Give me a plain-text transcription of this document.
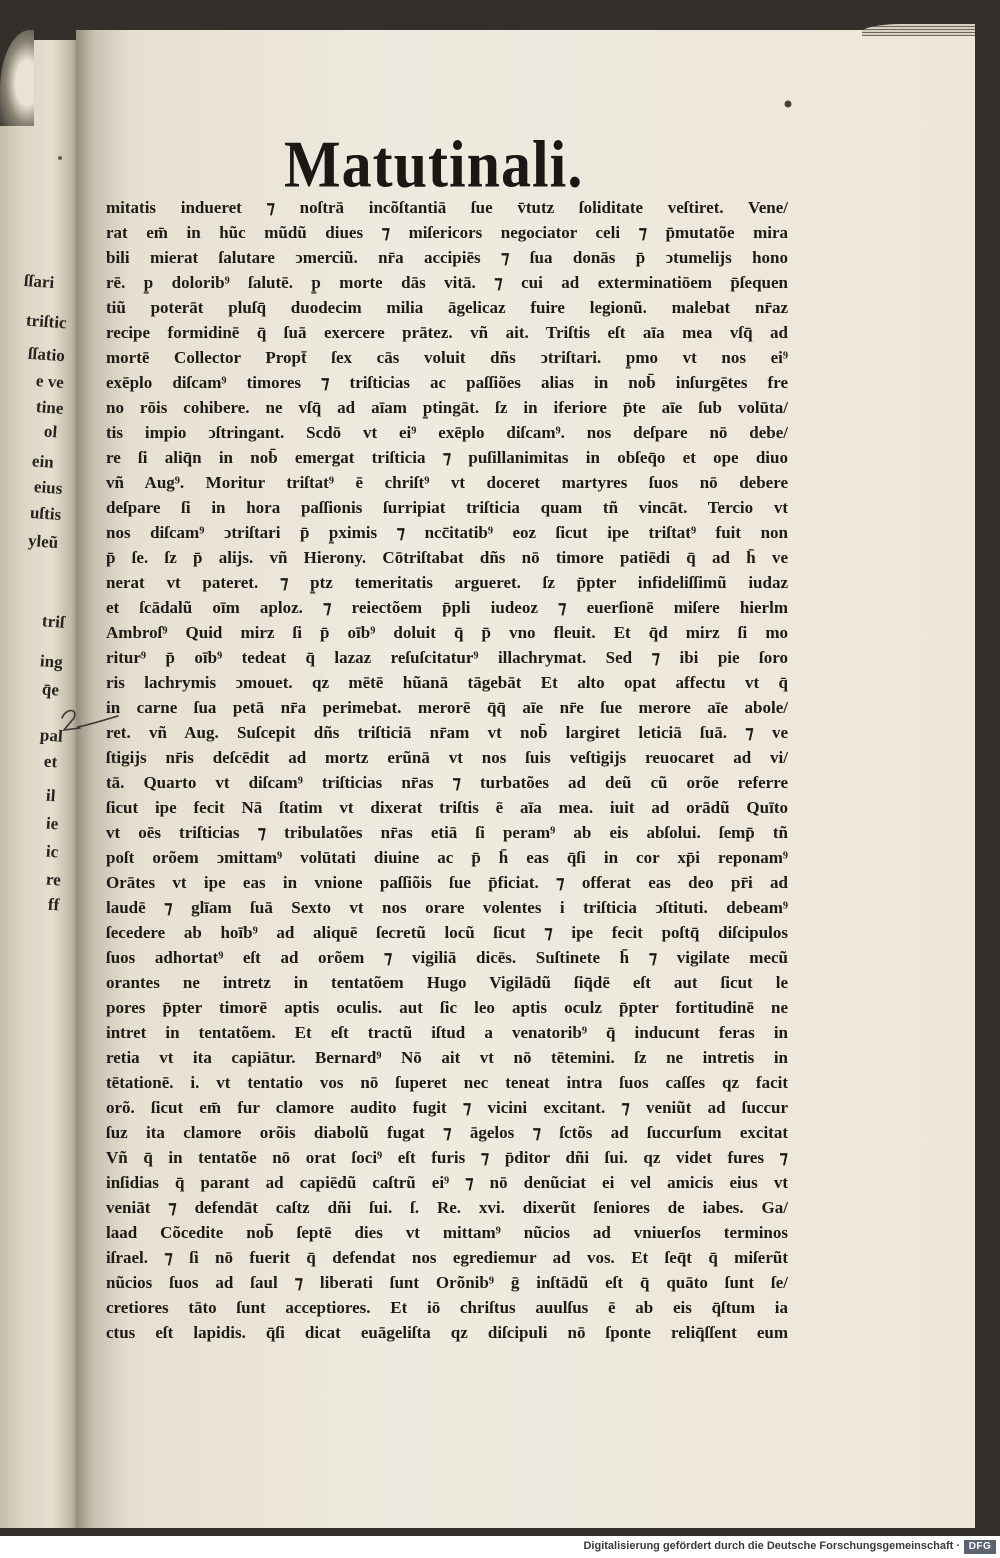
ſſari
triſtic
ſſatio
e ve
tine
ol
ein
eius
uſtis
yleũ
triſ
ing
q̄e
pal
et
il
ie
ic
re
ff
Matutinali.
mitatis indueret ⁊ noſtrā incõſtantiā ſue v̄tutz ſoliditate veſtiret. Vene/
rat em̄ in hũc mũdũ diues ⁊ miſericors negociator celi ⁊ p̄mutatõe mira
bili mierat ſalutare ↄmerciũ. nr̄a accipiēs ⁊ ſua donās p̄ ↄtumelijs hono
rē. p̱ dolorib⁹ ſalutē. p̱ morte dās vitā. ⁊ cui ad exterminatiōem p̄ſequen
tiũ poterāt pluſq̄ duodecim milia āgelicaz fuire legionũ. malebat nr̄az
recipe formidinē q̄ ſuā exercere prātez. vñ ait. Triſtis eſt aīa mea vſq̄ ad
mortē Collector Propt̄ ſex cās voluit dñs ↄtriſtari. p̱mo vt nos ei⁹
exēplo diſcam⁹ timores ⁊ triſticias ac paſſiões alias in nob̄ inſurgētes fre
no rōis cohibere. ne vſq̄ ad aīam p̱tingāt. ſz in iferiore p̄te aīe ſub volūta/
tis impio ↄſtringant. Scdō vt ei⁹ exēplo diſcam⁹. nos deſpare nō debe/
re ſi aliq̄n in nob̄ emergat triſticia ⁊ puſillanimitas in obſeq̄o et ope diuo
vñ Aug⁹. Moritur triſtat⁹ ē chriſt⁹ vt doceret martyres ſuos nō debere
deſpare ſi in hora paſſionis ſurripiat triſticia quam tñ vincāt. Tercio vt
nos diſcam⁹ ↄtriſtari p̄ p̱ximis ⁊ ncc̄itatib⁹ eoz ſicut ipe triſtat⁹ fuit non
p̄ ſe. ſz p̄ alijs. vñ Hierony. Cōtriſtabat dñs nō timore patiēdi q̄ ad h̄ ve
nerat vt pateret. ⁊ p̱tz temeritatis argueret. ſz p̄pter infideliſſimũ iudaz
et ſcādalũ oīm aploz. ⁊ reiectõem p̄pli iudeoz ⁊ euerſionē miſere hierlm
Ambroſ⁹ Quid mirz ſi p̄ oīb⁹ doluit q̄ p̄ vno fleuit. Et q̄d mirz ſi mo
ritur⁹ p̄ oīb⁹ tedeat q̄ lazaz reſuſcitatur⁹ illachrymat. Sed ⁊ ibi pie ſoro
ris lachrymis ↄmouet. qz mētē hũanā tāgebāt Et alto opat affectu vt q̄
in carne ſua petā nr̄a perimebat. merorē q̄q̄ aīe nr̄e ſue merore aīe abole/
ret. vñ Aug. Suſcepit dñs triſticiā nr̄am vt nob̄ largiret leticiā ſuā. ⁊ ve
ſtigijs nr̄is deſcēdit ad mortz erũnā vt nos ſuis veſtigijs reuocaret ad vi/
tā. Quarto vt diſcam⁹ triſticias nr̄as ⁊ turbatões ad deũ cũ orõe referre
ſicut ipe fecit Nā ſtatim vt dixerat triſtis ē aīa mea. iuit ad orādũ Quīto
vt oēs triſticias ⁊ tribulatões nr̄as etiā ſi peram⁹ ab eis abſolui. ſemp̄ tñ
poſt orõem ↄmittam⁹ volūtati diuine ac p̄ h̄ eas q̄ſi in cor xp̄i reponam⁹
Orātes vt ipe eas in vnione paſſiõis ſue p̄ficiat. ⁊ offerat eas deo pr̄i ad
laudē ⁊ glīam ſuā Sexto vt nos orare volentes i triſticia ↄſtituti. debeam⁹
ſecedere ab hoīb⁹ ad aliquē ſecretũ locũ ſicut ⁊ ipe fecit poſtq̄ diſcipulos
ſuos adhortat⁹ eſt ad orõem ⁊ vigiliā dicēs. Suſtinete h̄ ⁊ vigilate mecũ
orantes ne intretz in tentatõem Hugo Vigilādũ ſiq̄dē eſt aut ſicut le
pores p̄pter timorē aptis oculis. aut ſic leo aptis oculz p̄pter fortitudinē ne
intret in tentatõem. Et eſt tractũ iſtud a venatorib⁹ q̄ inducunt feras in
retia vt ita capiātur. Bernard⁹ Nō ait vt nō tētemini. ſz ne intretis in
tētationē. i. vt tentatio vos nō ſuperet nec teneat intra ſuos caſſes qz facit
orõ. ſicut em̄ fur clamore audito fugit ⁊ vicini excitant. ⁊ veniũt ad ſuccur
ſuz ita clamore orõis diabolũ fugat ⁊ āgelos ⁊ ſctõs ad ſuccurſum excitat
Vñ q̄ in tentatõe nō orat ſoci⁹ eſt furis ⁊ p̄ditor dñi ſui. qz videt fures ⁊
inſidias q̄ parant ad capiēdũ caſtrũ ei⁹ ⁊ nō denũciat ei vel amicis eius vt
veniāt ⁊ defendāt caſtz dñi ſui. ſ. Re. xvi. dixerũt ſeniores de iabes. Ga/
laad Cõcedite nob̄ ſeptē dies vt mittam⁹ nũcios ad vniuerſos terminos
iſrael. ⁊ ſi nō fuerit q̄ defendat nos egrediemur ad vos. Et ſeq̄t q̄ miſerũt
nũcios ſuos ad ſaul ⁊ liberati ſunt Orõnib⁹ ḡ inſtādũ eſt q̄ quāto ſunt ſe/
cretiores tāto ſunt acceptiores. Et iō chriſtus auulſus ē ab eis q̄ſtum ia
ctus eſt lapidis. q̄ſi dicat euāgeliſta qz diſcipuli nō ſponte reliq̄ſſent eum
Digitalisierung gefördert durch die Deutsche Forschungsgemeinschaft · DFG
